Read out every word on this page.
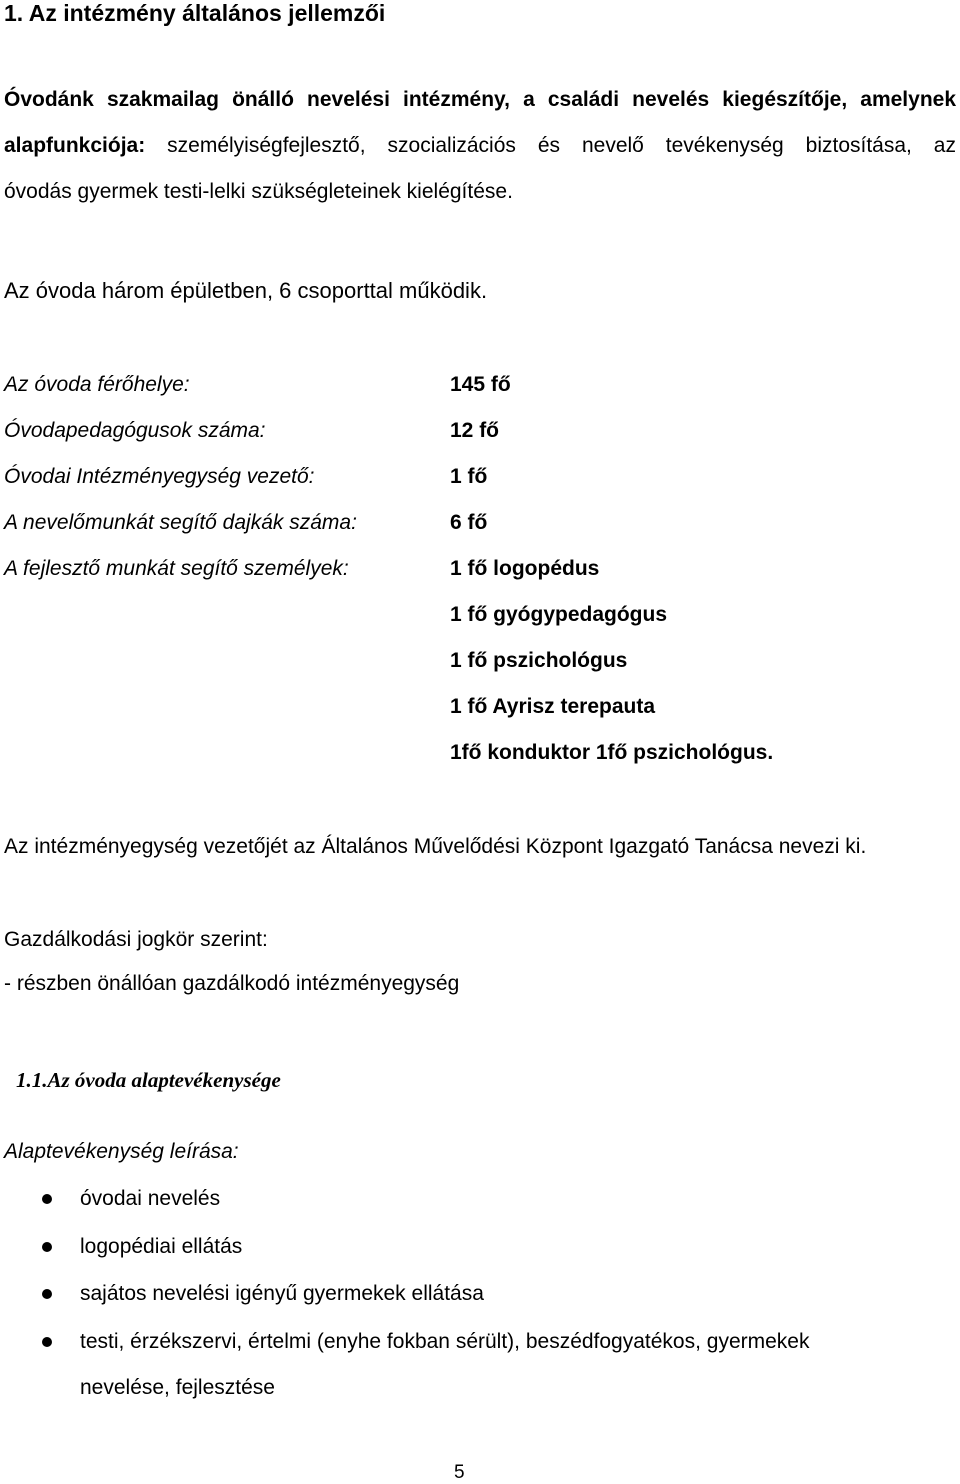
1. Az intézmény általános jellemzői
Óvodánk szakmailag önálló nevelési intézmény, a családi nevelés kiegészítője, amelynek
alapfunkciója: személyiségfejlesztő, szocializációs és nevelő tevékenység biztosítása, az
óvodás gyermek testi-lelki szükségleteinek kielégítése.
Az óvoda három épületben, 6 csoporttal működik.
Az óvoda férőhelye:	145 fő
Óvodapedagógusok száma:	12 fő
Óvodai Intézményegység vezető:	1 fő
A nevelőmunkát segítő dajkák száma:	6 fő
A fejlesztő munkát segítő személyek:	1 fő logopédus
1 fő gyógypedagógus
1 fő pszichológus
1 fő Ayrisz terepauta
1fő konduktor 1fő pszichológus.
Az intézményegység vezetőjét az Általános Művelődési Központ Igazgató Tanácsa nevezi ki.
Gazdálkodási jogkör szerint:
- részben önállóan gazdálkodó intézményegység
1.1.Az óvoda alaptevékenysége
Alaptevékenység leírása:
óvodai nevelés
logopédiai ellátás
sajátos nevelési igényű gyermekek ellátása
testi, érzékszervi, értelmi (enyhe fokban sérült), beszédfogyatékos, gyermekek
nevelése, fejlesztése
5
